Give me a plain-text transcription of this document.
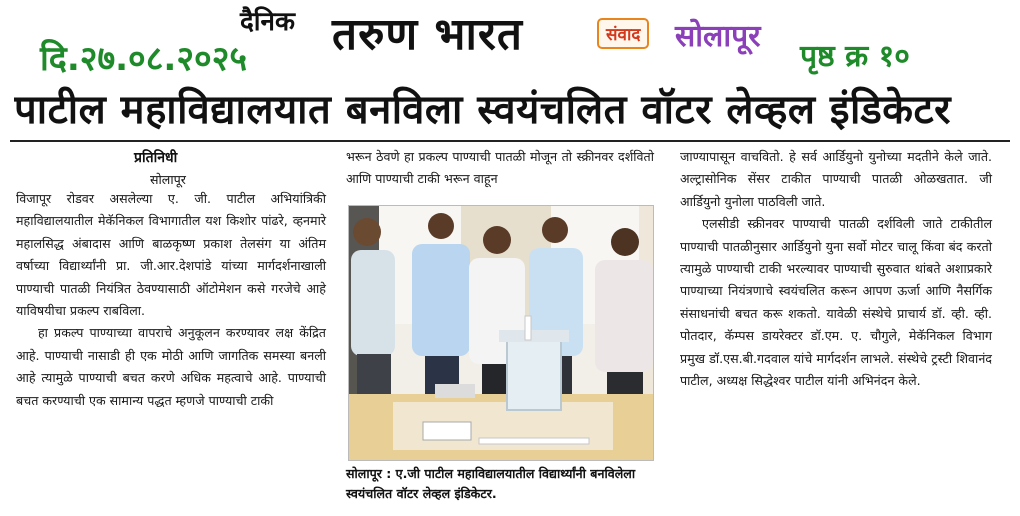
दि.२७.०८.२०२५
दैनिक तरुण भारत	संवाद	सोलापूर
पृष्ठ क्र १०
पाटील महाविद्यालयात बनविला स्वयंचलित वॉटर लेव्हल इंडिकेटर
प्रतिनिधी
सोलापूर

विजापूर रोडवर असलेल्या ए. जी. पाटील अभियांत्रिकी महाविद्यालयातील मेकॅनिकल विभागातील यश किशोर पांढरे, व्हनमारे महालसिद्ध अंबादास आणि बाळकृष्ण प्रकाश तेलसंग या अंतिम वर्षाच्या विद्यार्थ्यांनी प्रा. जी.आर.देशपांडे यांच्या मार्गदर्शनाखाली पाण्याची पातळी नियंत्रित ठेवण्यासाठी ऑटोमेशन कसे गरजेचे आहे याविषयीचा प्रकल्प राबविला.

हा प्रकल्प पाण्याच्या वापराचे अनुकूलन करण्यावर लक्ष केंद्रित आहे. पाण्याची नासाडी ही एक मोठी आणि जागतिक समस्या बनली आहे त्यामुळे पाण्याची बचत करणे अधिक महत्वाचे आहे. पाण्याची बचत करण्याची एक सामान्य पद्धत म्हणजे पाण्याची टाकी

भरून ठेवणे हा प्रकल्प पाण्याची पातळी मोजून तो स्क्रीनवर दर्शवितो आणि पाण्याची टाकी भरून वाहून

सोलापूर : ए.जी पाटील महाविद्यालयातील विद्यार्थ्यांनी बनविलेला स्वयंचलित वॉटर लेव्हल इंडिकेटर.

जाण्यापासून वाचवितो. हे सर्व आर्डियुनो युनोच्या मदतीने केले जाते. अल्ट्रासोनिक सेंसर टाकीत पाण्याची पातळी ओळखतात. जी आर्डियुनो युनोला पाठविली जाते.

एलसीडी स्क्रीनवर पाण्याची पातळी दर्शविली जाते टाकीतील पाण्याची पातळीनुसार आर्डियुनो युना सर्वो मोटर चालू किंवा बंद करतो त्यामुळे पाण्याची टाकी भरल्यावर पाण्याची सुरुवात थांबते अशाप्रकारे पाण्याच्या नियंत्रणाचे स्वयंचलित करून आपण ऊर्जा आणि नैसर्गिक संसाधनांची बचत करू शकतो. यावेळी संस्थेचे प्राचार्य डॉ. व्ही. व्ही. पोतदार, कॅम्पस डायरेक्टर डॉ.एम. ए. चौगुले, मेकॅनिकल विभाग प्रमुख डॉ.एस.बी.गदवाल यांचे मार्गदर्शन लाभले. संस्थेचे ट्रस्टी शिवानंद पाटील, अध्यक्ष सिद्धेश्वर पाटील यांनी अभिनंदन केले.
